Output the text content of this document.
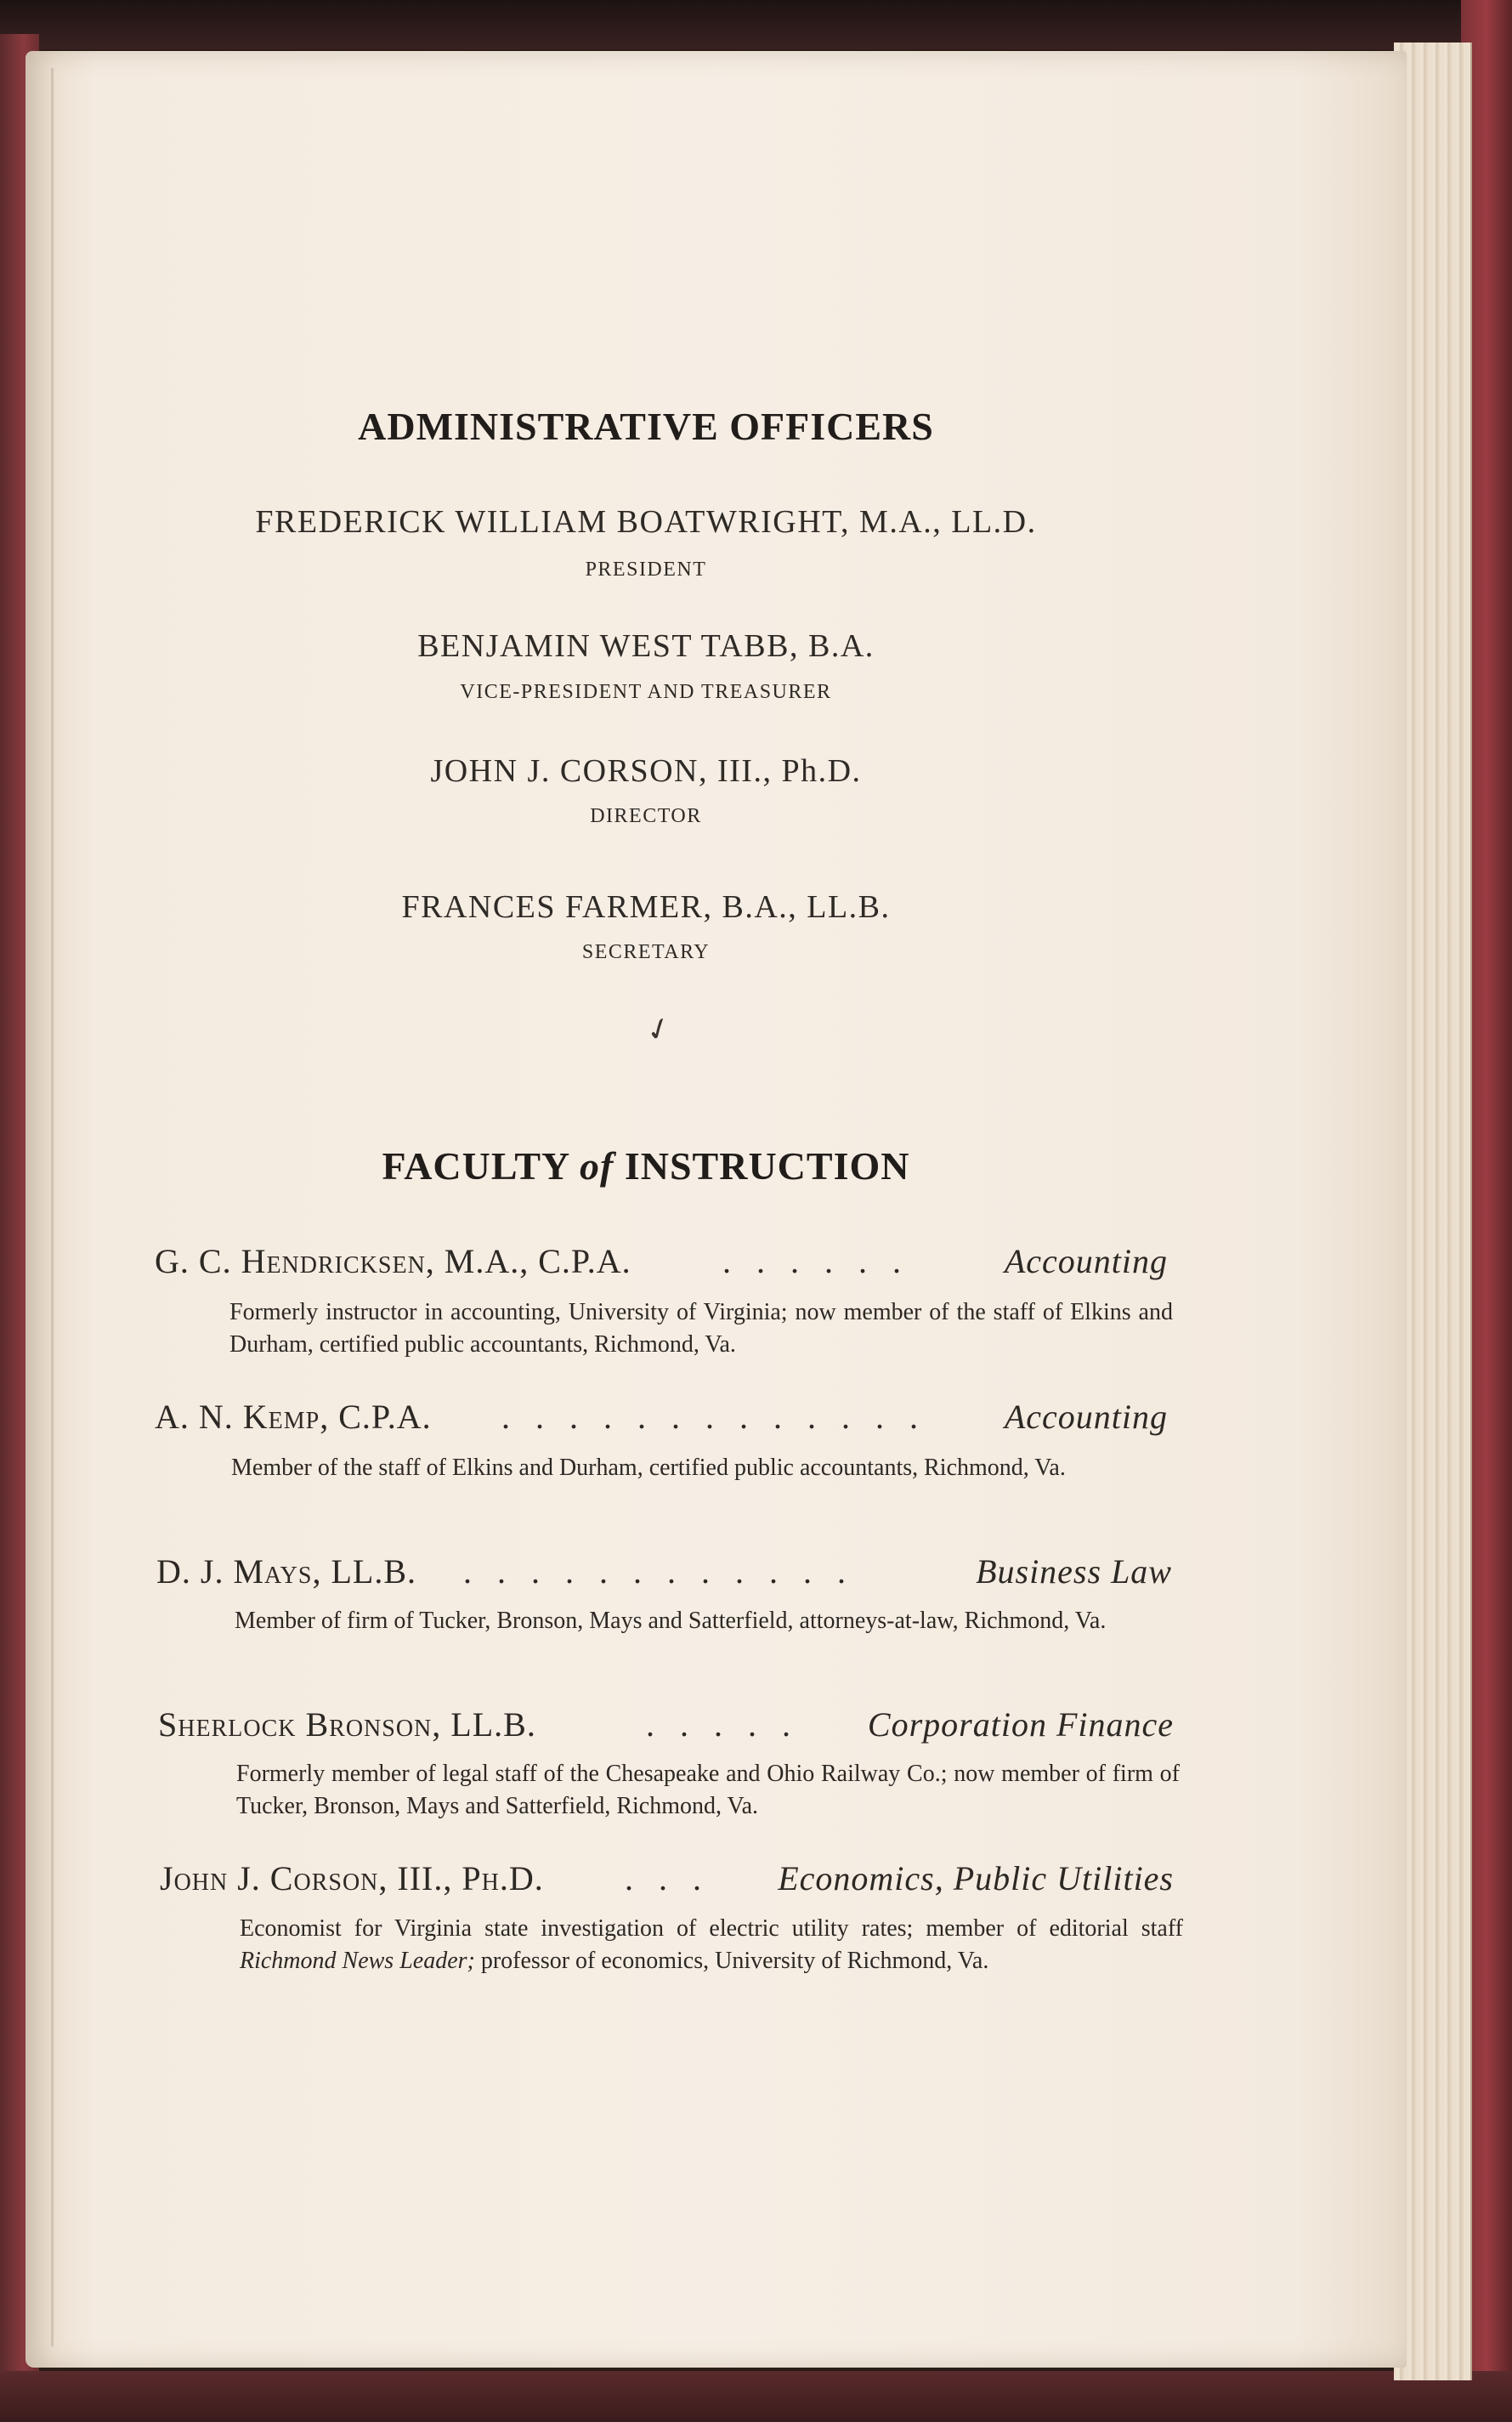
ADMINISTRATIVE OFFICERS
FREDERICK WILLIAM BOATWRIGHT, M.A., LL.D.
PRESIDENT
BENJAMIN WEST TABB, B.A.
VICE-PRESIDENT AND TREASURER
JOHN J. CORSON, III., Ph.D.
DIRECTOR
FRANCES FARMER, B.A., LL.B.
SECRETARY
✓
FACULTY of INSTRUCTION
G. C. Hendricksen, M.A., C.P.A.	. . . . . .	Accounting
Formerly instructor in accounting, University of Virginia; now member of the staff of Elkins and Durham, certified public accountants, Richmond, Va.
A. N. Kemp, C.P.A. . . . . . . . . . . . . . Accounting
Member of the staff of Elkins and Durham, certified public accountants, Richmond, Va.
D. J. Mays, LL.B. . . . . . . . . . . . .	Business Law
Member of firm of Tucker, Bronson, Mays and Satterfield, attorneys-at-law, Richmond, Va.
Sherlock Bronson, LL.B.	. . . . . Corporation Finance
Formerly member of legal staff of the Chesapeake and Ohio Railway Co.; now member of firm of Tucker, Bronson, Mays and Satterfield, Richmond, Va.
John J. Corson, III., Ph.D. . . . Economics, Public Utilities
Economist for Virginia state investigation of electric utility rates; member of editorial staff Richmond News Leader; professor of economics, University of Richmond, Va.
